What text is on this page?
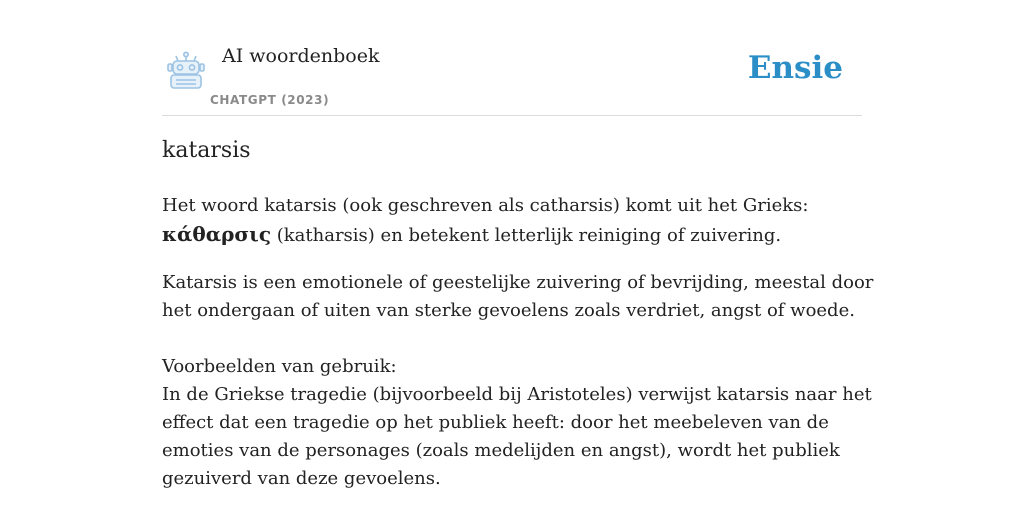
AI woordenboek
CHATGPT (2023)
Ensie
katarsis

Het woord katarsis (ook geschreven als catharsis) komt uit het Grieks: κάθαρσις (katharsis) en betekent letterlijk reiniging of zuivering.

Katarsis is een emotionele of geestelijke zuivering of bevrijding, meestal door het ondergaan of uiten van sterke gevoelens zoals verdriet, angst of woede.

Voorbeelden van gebruik:

In de Griekse tragedie (bijvoorbeeld bij Aristoteles) verwijst katarsis naar het effect dat een tragedie op het publiek heeft: door het meebeleven van de emoties van de personages (zoals medelijden en angst), wordt het publiek gezuiverd van deze gevoelens.
